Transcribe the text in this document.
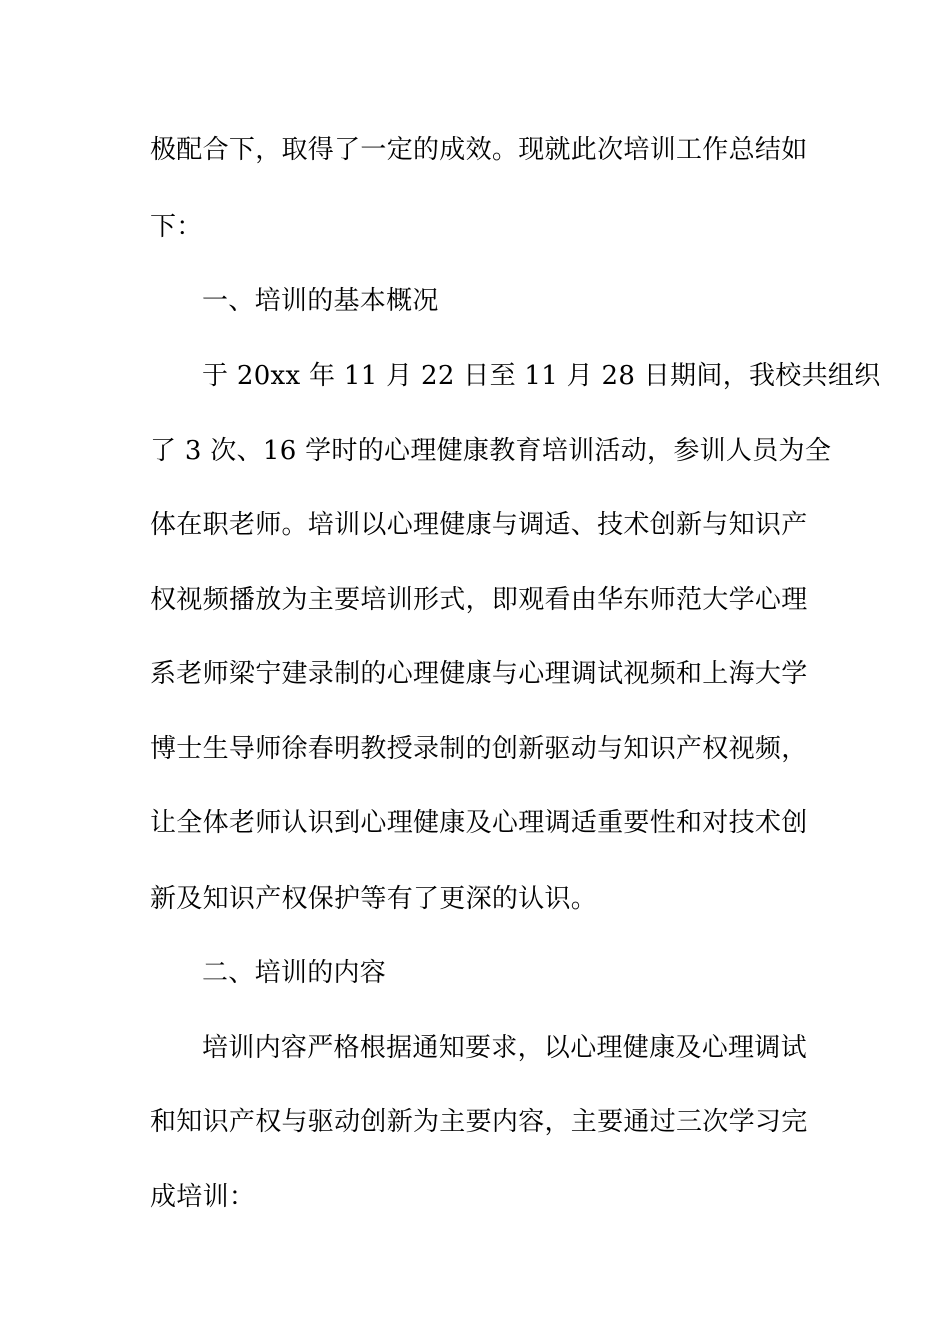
极配合下，取得了一定的成效。现就此次培训工作总结如
下：
一、培训的基本概况
于 20xx 年 11 月 22 日至 11 月 28 日期间，我校共组织
了 3 次、16 学时的心理健康教育培训活动，参训人员为全
体在职老师。培训以心理健康与调适、技术创新与知识产
权视频播放为主要培训形式，即观看由华东师范大学心理
系老师梁宁建录制的心理健康与心理调试视频和上海大学
博士生导师徐春明教授录制的创新驱动与知识产权视频，
让全体老师认识到心理健康及心理调适重要性和对技术创
新及知识产权保护等有了更深的认识。
二、培训的内容
培训内容严格根据通知要求，以心理健康及心理调试
和知识产权与驱动创新为主要内容，主要通过三次学习完
成培训：
